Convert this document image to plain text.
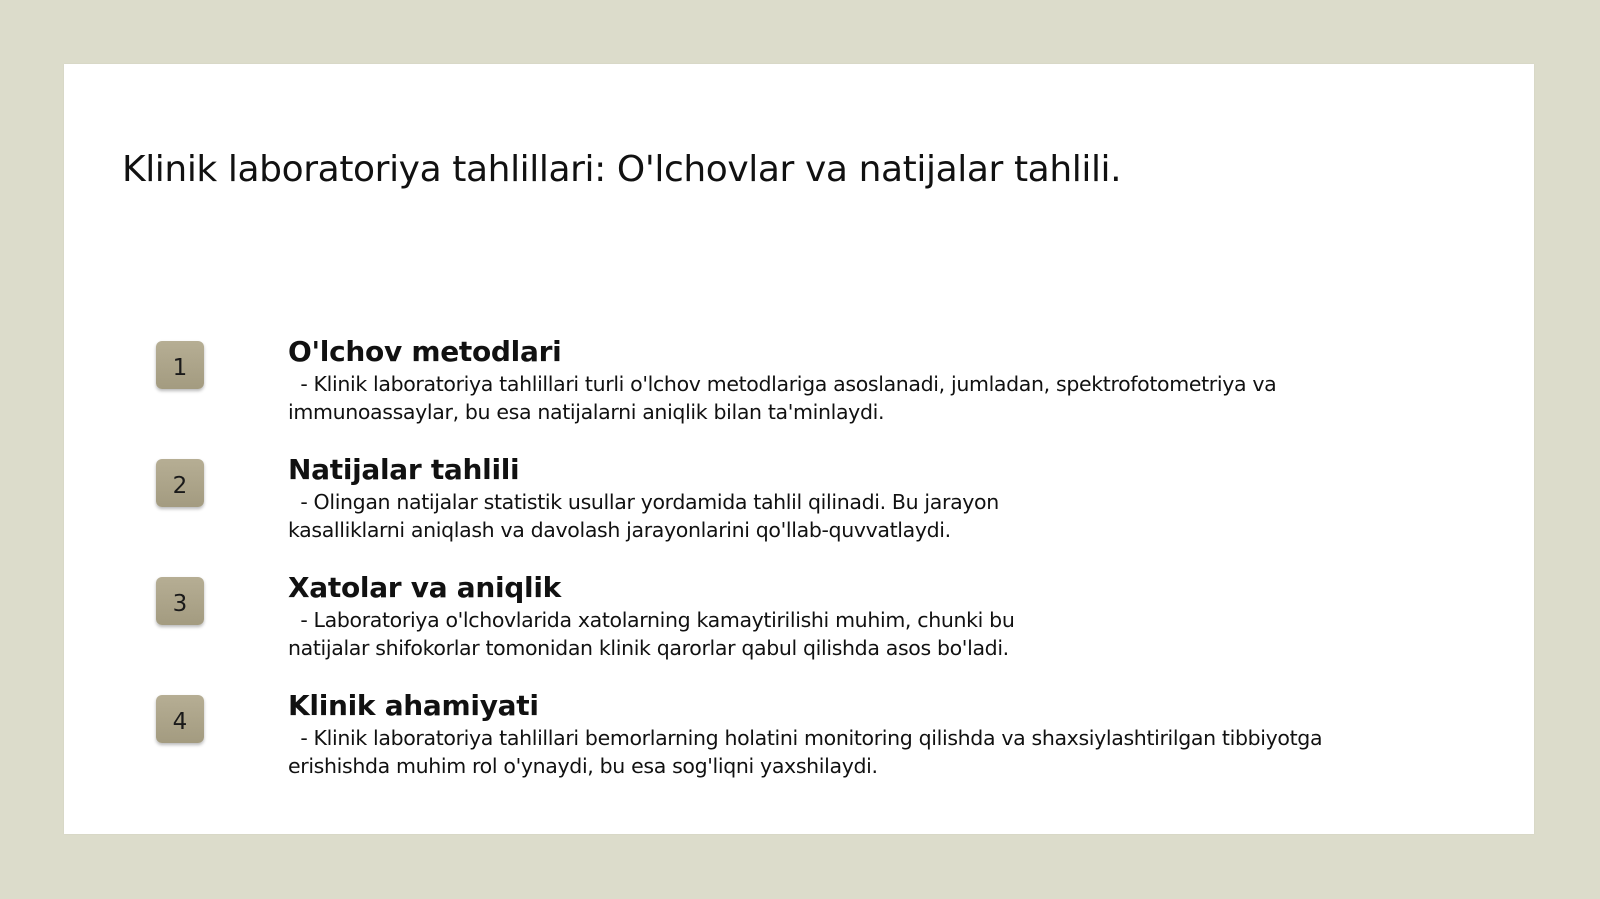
Klinik laboratoriya tahlillari: O'lchovlar va natijalar tahlili.
1	O'lchov metodlari

- Klinik laboratoriya tahlillari turli o'lchov metodlariga asoslanadi, jumladan, spektrofotometriya va
immunoassaylar, bu esa natijalarni aniqlik bilan ta'minlaydi.

2	Natijalar tahlili

- Olingan natijalar statistik usullar yordamida tahlil qilinadi. Bu jarayon
kasalliklarni aniqlash va davolash jarayonlarini qo'llab-quvvatlaydi.

3	Xatolar va aniqlik

- Laboratoriya o'lchovlarida xatolarning kamaytirilishi muhim, chunki bu
natijalar shifokorlar tomonidan klinik qarorlar qabul qilishda asos bo'ladi.

4	Klinik ahamiyati

- Klinik laboratoriya tahlillari bemorlarning holatini monitoring qilishda va shaxsiylashtirilgan tibbiyotga
erishishda muhim rol o'ynaydi, bu esa sog'liqni yaxshilaydi.
